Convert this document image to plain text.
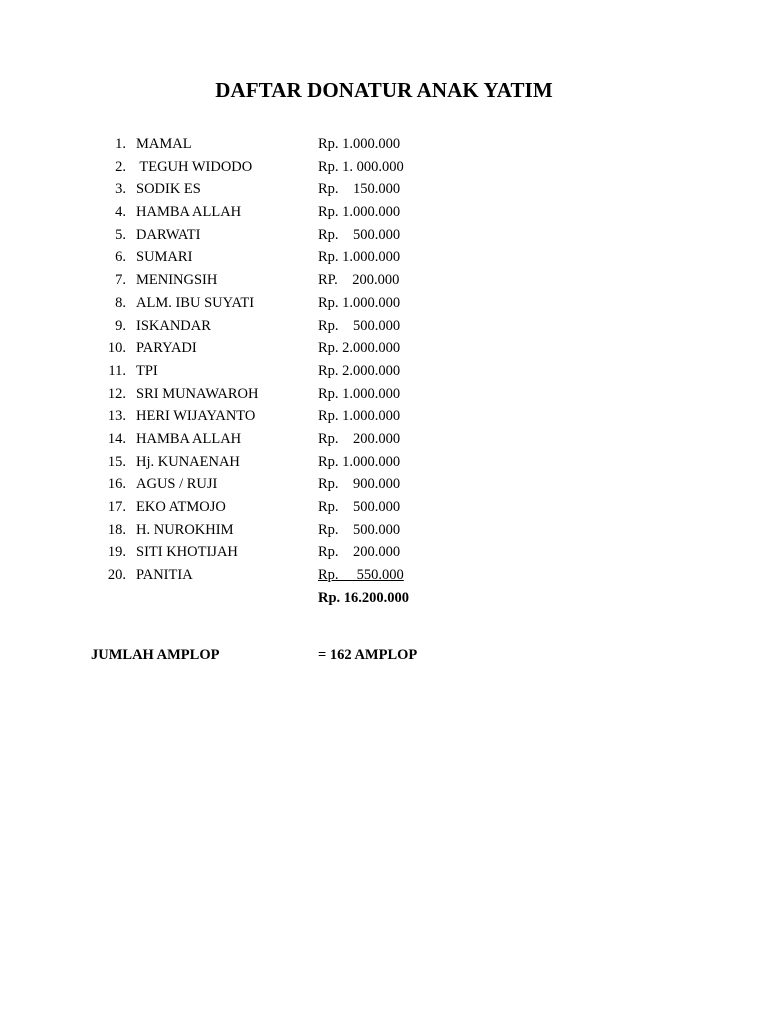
DAFTAR DONATUR ANAK YATIM
1. MAMAL	Rp. 1.000.000
2. TEGUH WIDODO	Rp. 1. 000.000
3. SODIK ES	Rp.    150.000
4. HAMBA ALLAH	Rp. 1.000.000
5. DARWATI	Rp.    500.000
6. SUMARI	Rp. 1.000.000
7. MENINGSIH	RP.    200.000
8. ALM. IBU SUYATI	Rp. 1.000.000
9. ISKANDAR	Rp.    500.000
10. PARYADI	Rp. 2.000.000
11. TPI	Rp. 2.000.000
12. SRI MUNAWAROH	Rp. 1.000.000
13. HERI WIJAYANTO	Rp. 1.000.000
14. HAMBA ALLAH	Rp.    200.000
15. Hj. KUNAENAH	Rp. 1.000.000
16. AGUS / RUJI	Rp.    900.000
17. EKO ATMOJO	Rp.    500.000
18. H. NUROKHIM	Rp.    500.000
19. SITI KHOTIJAH	Rp.    200.000
20. PANITIA	Rp.     550.000
Rp. 16.200.000
JUMLAH AMPLOP	= 162 AMPLOP
